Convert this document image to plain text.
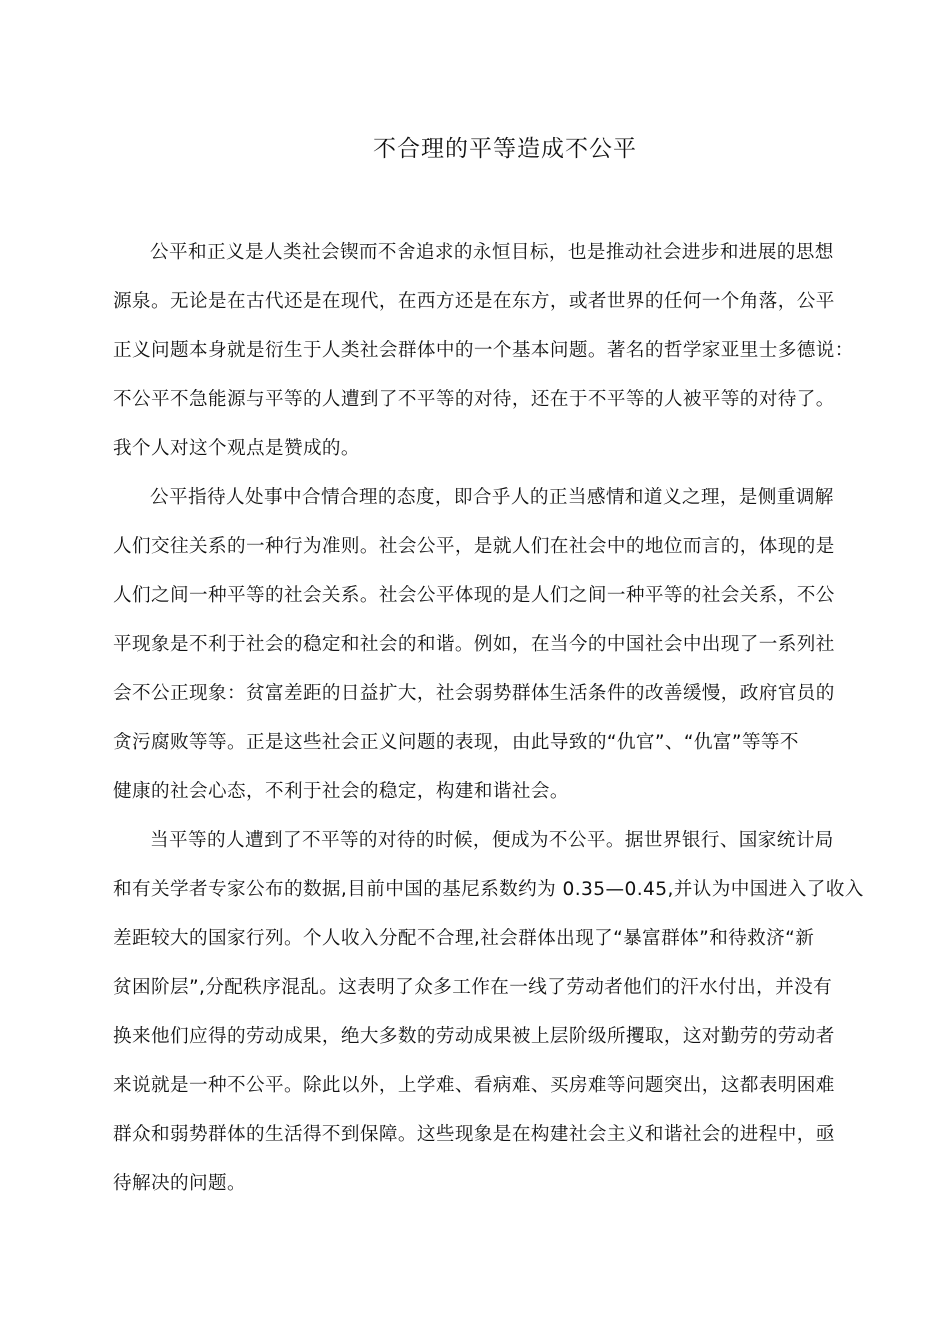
不合理的平等造成不公平

公平和正义是人类社会锲而不舍追求的永恒目标，也是推动社会进步和进展的思想
源泉。无论是在古代还是在现代，在西方还是在东方，或者世界的任何一个角落，公平
正义问题本身就是衍生于人类社会群体中的一个基本问题。著名的哲学家亚里士多德说：
不公平不急能源与平等的人遭到了不平等的对待，还在于不平等的人被平等的对待了。
我个人对这个观点是赞成的。

公平指待人处事中合情合理的态度，即合乎人的正当感情和道义之理，是侧重调解
人们交往关系的一种行为准则。社会公平，是就人们在社会中的地位而言的，体现的是
人们之间一种平等的社会关系。社会公平体现的是人们之间一种平等的社会关系，不公
平现象是不利于社会的稳定和社会的和谐。例如，在当今的中国社会中出现了一系列社
会不公正现象：贫富差距的日益扩大，社会弱势群体生活条件的改善缓慢，政府官员的
贪污腐败等等。正是这些社会正义问题的表现，由此导致的“仇官”、“仇富”等等不
健康的社会心态，不利于社会的稳定，构建和谐社会。

当平等的人遭到了不平等的对待的时候，便成为不公平。据世界银行、国家统计局
和有关学者专家公布的数据,目前中国的基尼系数约为 0.35—0.45,并认为中国进入了收入
差距较大的国家行列。个人收入分配不合理,社会群体出现了“暴富群体”和待救济“新
贫困阶层”,分配秩序混乱。这表明了众多工作在一线了劳动者他们的汗水付出，并没有
换来他们应得的劳动成果，绝大多数的劳动成果被上层阶级所攫取，这对勤劳的劳动者
来说就是一种不公平。除此以外，上学难、看病难、买房难等问题突出，这都表明困难
群众和弱势群体的生活得不到保障。这些现象是在构建社会主义和谐社会的进程中，亟
待解决的问题。
